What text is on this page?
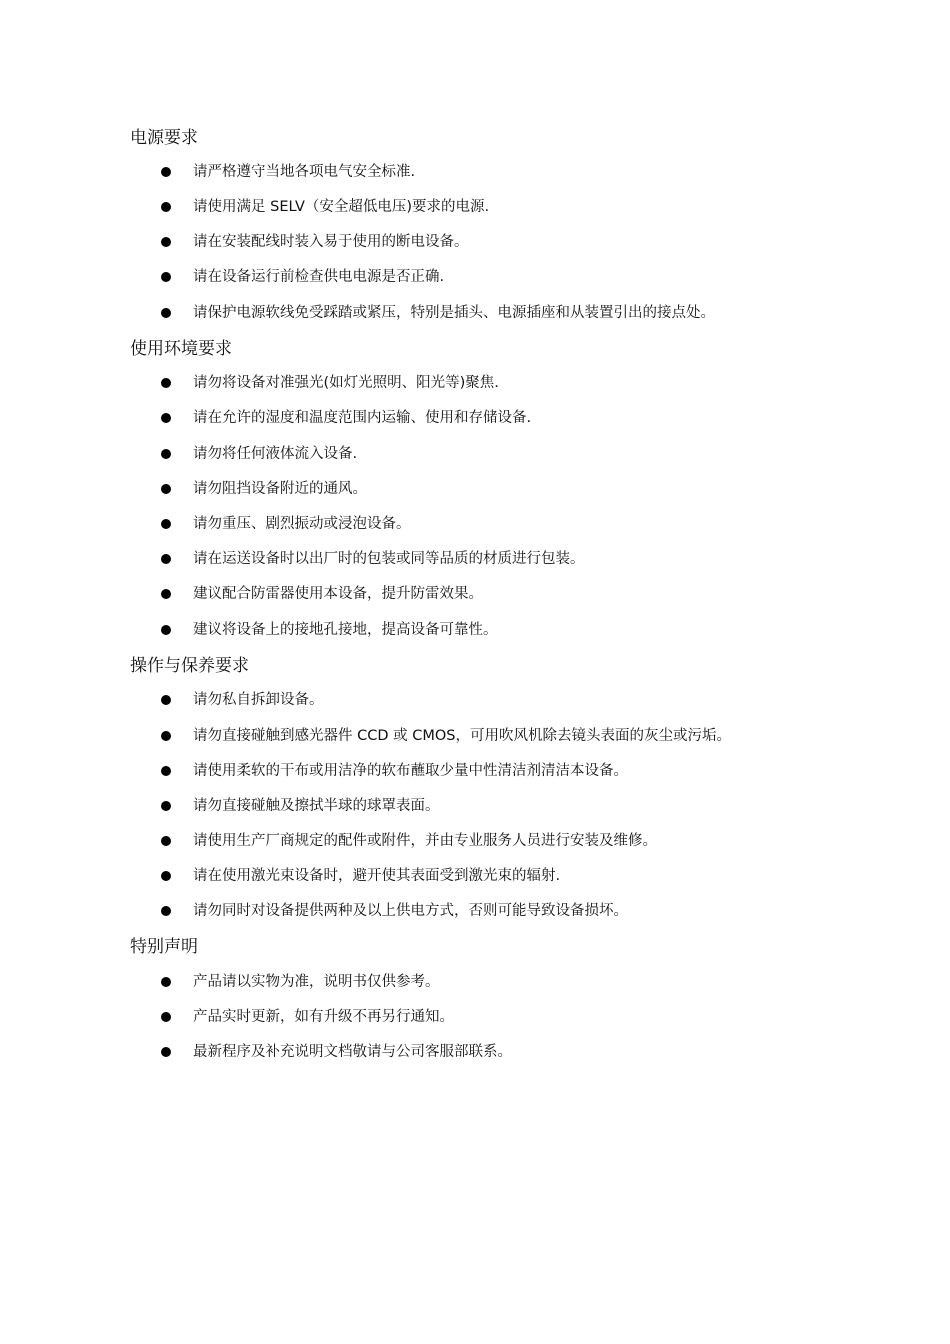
电源要求
请严格遵守当地各项电气安全标准.
请使用满足 SELV（安全超低电压)要求的电源.
请在安装配线时装入易于使用的断电设备。
请在设备运行前检查供电电源是否正确.
请保护电源软线免受踩踏或紧压，特别是插头、电源插座和从装置引出的接点处。
使用环境要求
请勿将设备对准强光(如灯光照明、阳光等)聚焦.
请在允许的湿度和温度范围内运输、使用和存储设备.
请勿将任何液体流入设备.
请勿阻挡设备附近的通风。
请勿重压、剧烈振动或浸泡设备。
请在运送设备时以出厂时的包装或同等品质的材质进行包装。
建议配合防雷器使用本设备，提升防雷效果。
建议将设备上的接地孔接地，提高设备可靠性。
操作与保养要求
请勿私自拆卸设备。
请勿直接碰触到感光器件 CCD 或 CMOS，可用吹风机除去镜头表面的灰尘或污垢。
请使用柔软的干布或用洁净的软布蘸取少量中性清洁剂清洁本设备。
请勿直接碰触及擦拭半球的球罩表面。
请使用生产厂商规定的配件或附件，并由专业服务人员进行安装及维修。
请在使用激光束设备时，避开使其表面受到激光束的辐射.
请勿同时对设备提供两种及以上供电方式，否则可能导致设备损坏。
特别声明
产品请以实物为准，说明书仅供参考。
产品实时更新，如有升级不再另行通知。
最新程序及补充说明文档敬请与公司客服部联系。
